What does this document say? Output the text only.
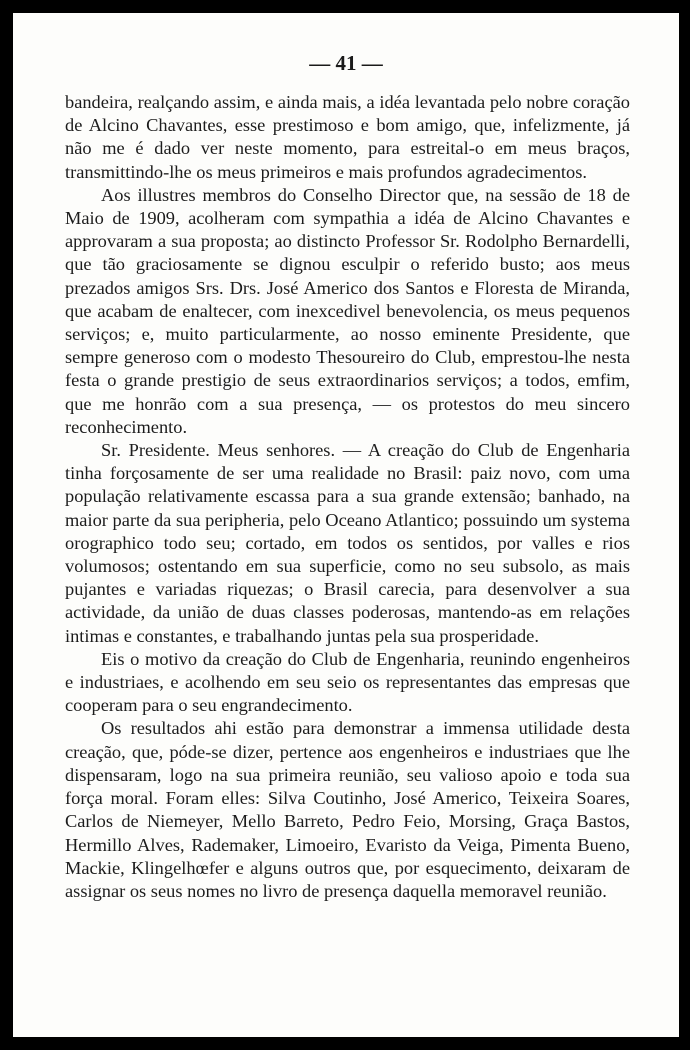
— 41 —

bandeira, realçando assim, e ainda mais, a idéa levantada pelo nobre coração de Alcino Chavantes, esse prestimoso e bom amigo, que, infelizmente, já não me é dado ver neste momento, para estreital-o em meus braços, transmittindo-lhe os meus primeiros e mais profundos agradecimentos.

Aos illustres membros do Conselho Director que, na sessão de 18 de Maio de 1909, acolheram com sympathia a idéa de Alcino Chavantes e approvaram a sua proposta; ao distincto Professor Sr. Rodolpho Bernardelli, que tão graciosamente se dignou esculpir o referido busto; aos meus prezados amigos Srs. Drs. José Americo dos Santos e Floresta de Miranda, que acabam de enaltecer, com inexcedivel benevolencia, os meus pequenos serviços; e, muito particularmente, ao nosso eminente Presidente, que sempre generoso com o modesto Thesoureiro do Club, emprestou-lhe nesta festa o grande prestigio de seus extraordinarios serviços; a todos, emfim, que me honrão com a sua presença, — os protestos do meu sincero reconhecimento.

Sr. Presidente. Meus senhores. — A creação do Club de Engenharia tinha forçosamente de ser uma realidade no Brasil: paiz novo, com uma população relativamente escassa para a sua grande extensão; banhado, na maior parte da sua peripheria, pelo Oceano Atlantico; possuindo um systema orographico todo seu; cortado, em todos os sentidos, por valles e rios volumosos; ostentando em sua superficie, como no seu subsolo, as mais pujantes e variadas riquezas; o Brasil carecia, para desenvolver a sua actividade, da união de duas classes poderosas, mantendo-as em relações intimas e constantes, e trabalhando juntas pela sua prosperidade.

Eis o motivo da creação do Club de Engenharia, reunindo engenheiros e industriaes, e acolhendo em seu seio os representantes das empresas que cooperam para o seu engrandecimento.

Os resultados ahi estão para demonstrar a immensa utilidade desta creação, que, póde-se dizer, pertence aos engenheiros e industriaes que lhe dispensaram, logo na sua primeira reunião, seu valioso apoio e toda sua força moral. Foram elles: Silva Coutinho, José Americo, Teixeira Soares, Carlos de Niemeyer, Mello Barreto, Pedro Feio, Morsing, Graça Bastos, Hermillo Alves, Rademaker, Limoeiro, Evaristo da Veiga, Pimenta Bueno, Mackie, Klingelhœfer e alguns outros que, por esquecimento, deixaram de assignar os seus nomes no livro de presença daquella memoravel reunião.
